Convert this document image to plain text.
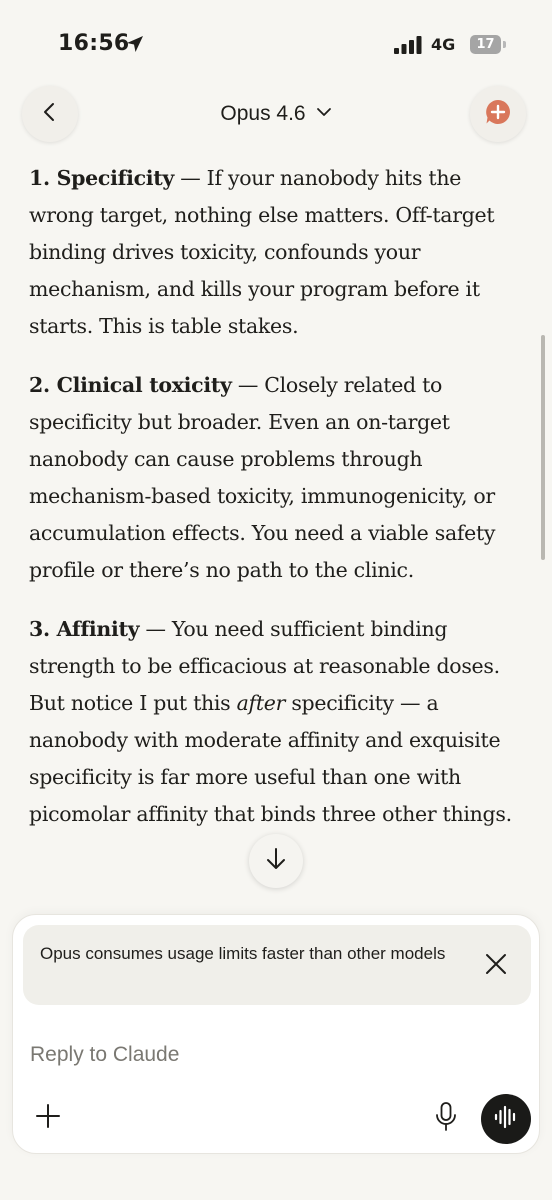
16:56	4G	17
Opus 4.6

1. Specificity — If your nanobody hits the wrong target, nothing else matters. Off-target binding drives toxicity, confounds your mechanism, and kills your program before it starts. This is table stakes.

2. Clinical toxicity — Closely related to specificity but broader. Even an on-target nanobody can cause problems through mechanism-based toxicity, immunogenicity, or accumulation effects. You need a viable safety profile or there’s no path to the clinic.

3. Affinity — You need sufficient binding strength to be efficacious at reasonable doses. But notice I put this after specificity — a nanobody with moderate affinity and exquisite specificity is far more useful than one with picomolar affinity that binds three other things.

Opus consumes usage limits faster than other models
Reply to Claude
